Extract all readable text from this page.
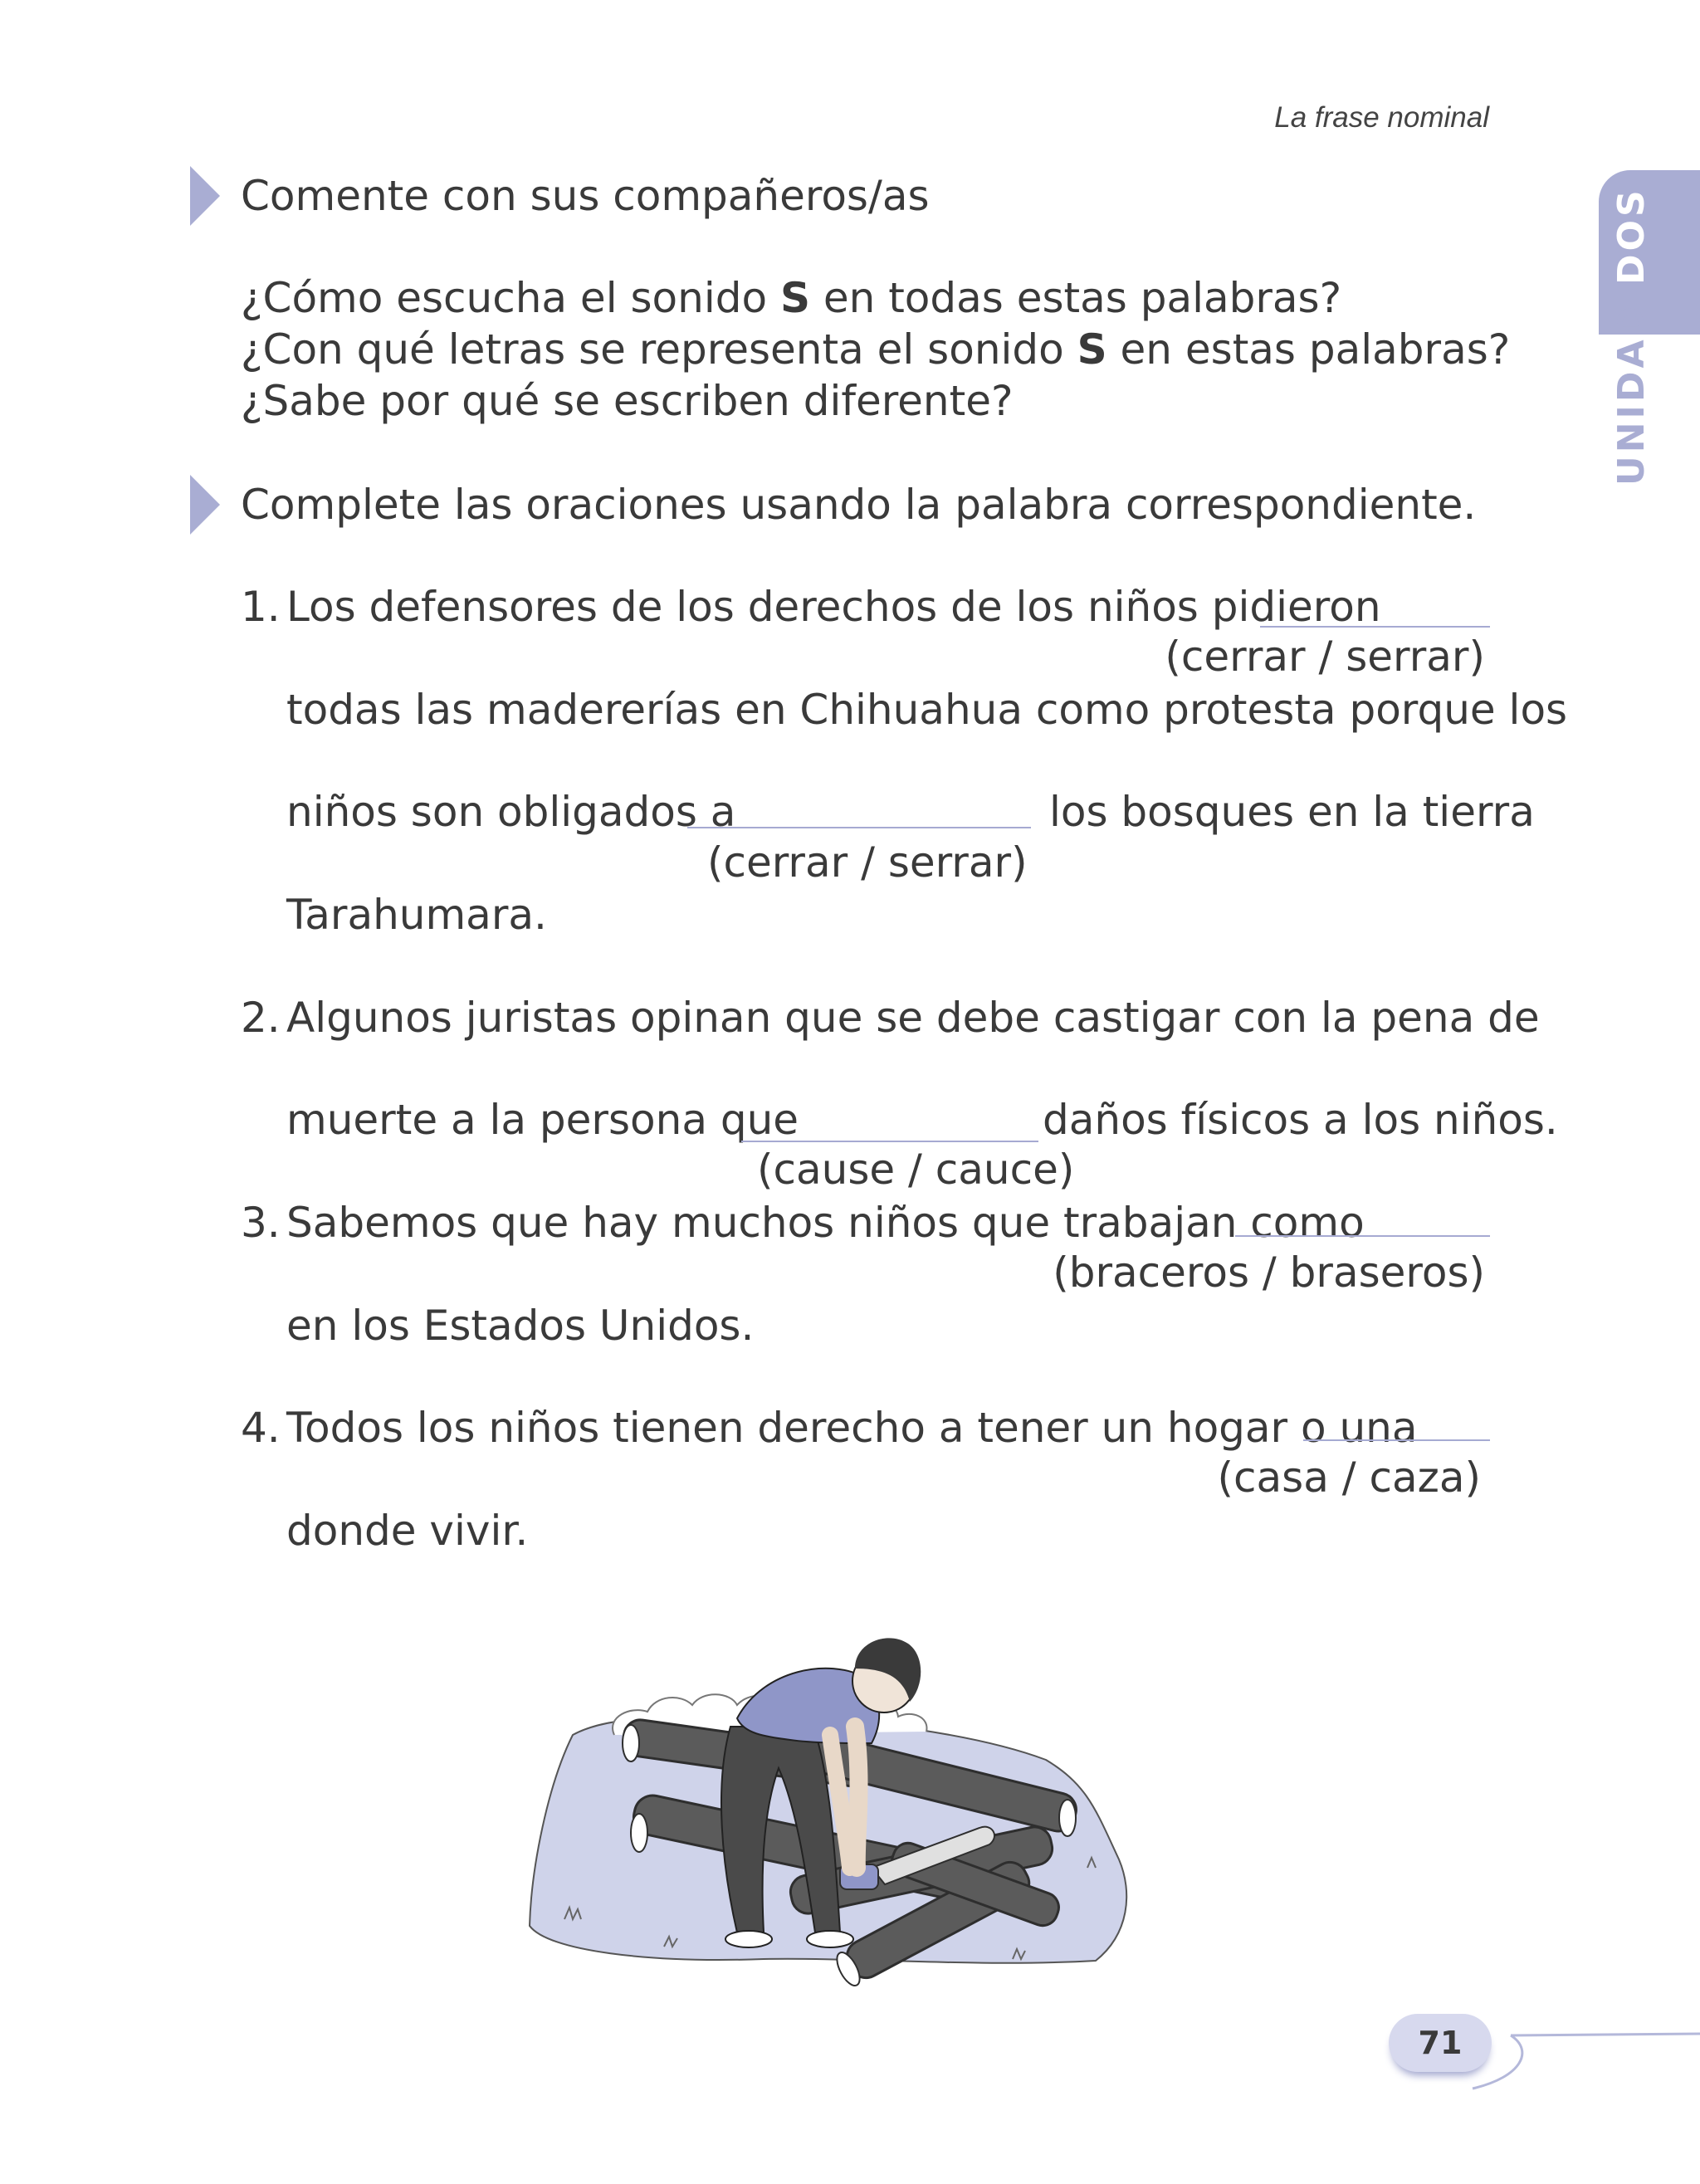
La frase nominal
UNIDADDOS
Comente con sus compañeros/as
¿Cómo escucha el sonido S en todas estas palabras?
¿Con qué letras se representa el sonido S en estas palabras?
¿Sabe por qué se escriben diferente?
Complete las oraciones usando la palabra correspondiente.
1. Los defensores de los derechos de los niños pidieron
(cerrar / serrar)
todas las madererías en Chihuahua como protesta porque los
niños son obligados a	los bosques en la tierra
(cerrar / serrar)
Tarahumara.
2. Algunos juristas opinan que se debe castigar con la pena de
muerte a la persona que	daños físicos a los niños.
(cause / cauce)
3. Sabemos que hay muchos niños que trabajan como
(braceros / braseros)
en los Estados Unidos.
4. Todos los niños tienen derecho a tener un hogar o una
(casa / caza)
donde vivir.
71
